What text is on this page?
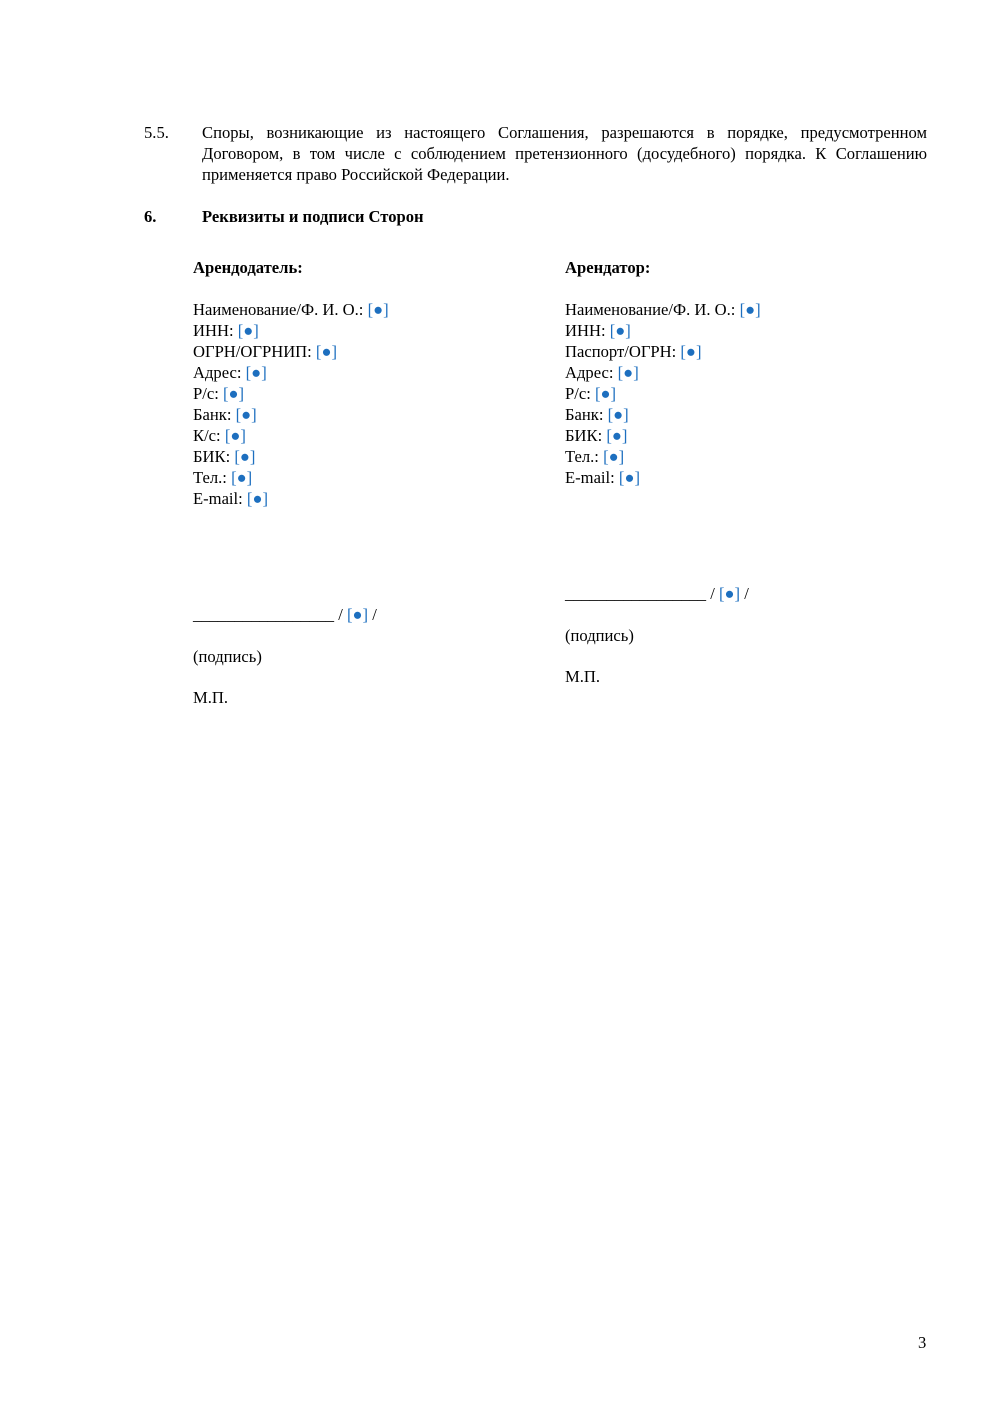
5.5. Споры, возникающие из настоящего Соглашения, разрешаются в порядке, предусмотренном Договором, в том числе с соблюдением претензионного (досудебного) порядка. К Соглашению применяется право Российской Федерации.

6.	Реквизиты и подписи Сторон
Арендодатель:
Наименование/Ф. И. О.: [●]
ИНН: [●]
ОГРН/ОГРНИП: [●]
Адрес: [●]
Р/с: [●]
Банк: [●]
К/с: [●]
БИК: [●]
Тел.: [●]
E-mail: [●]
_________________ / [●] /
(подпись)
М.П.
Арендатор:
Наименование/Ф. И. О.: [●]
ИНН: [●]
Паспорт/ОГРН: [●]
Адрес: [●]
Р/с: [●]
Банк: [●]
БИК: [●]
Тел.: [●]
E-mail: [●]
_________________ / [●] /
(подпись)
М.П.
3
